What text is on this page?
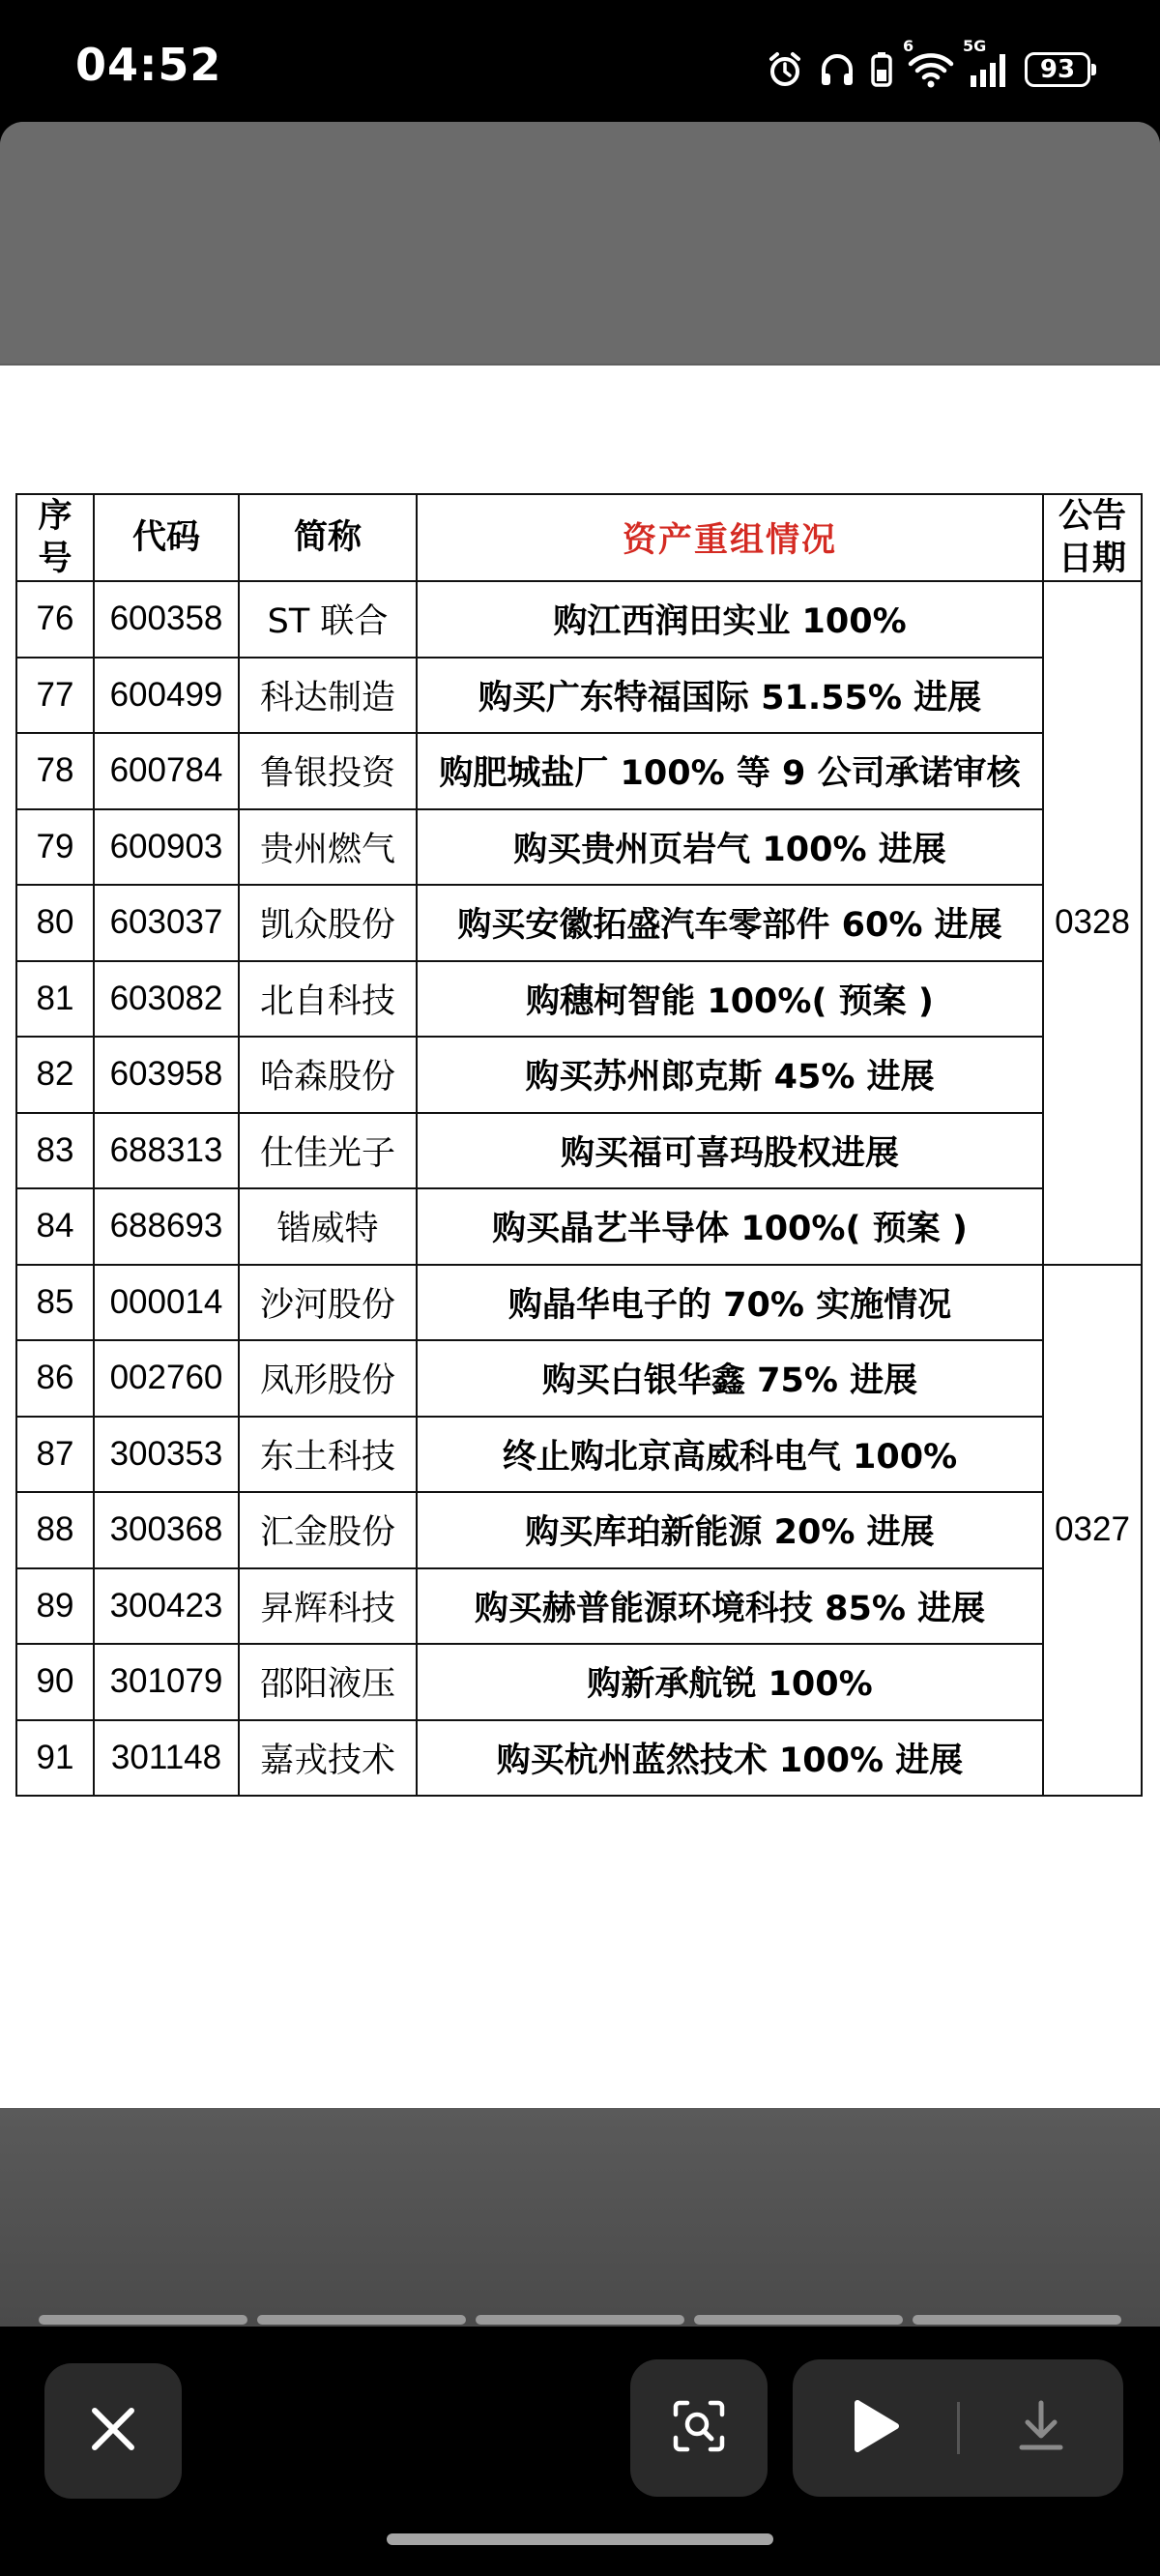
04:52	6	5G
93
序号	代码	简称	资产重组情况	公告日期
76	600358	ST 联合	购江西润田实业 100%	0328
77	600499	科达制造	购买广东特福国际 51.55% 进展	
78	600784	鲁银投资	购肥城盐厂 100% 等 9 公司承诺审核	
79	600903	贵州燃气	购买贵州页岩气 100% 进展	
80	603037	凯众股份	购买安徽拓盛汽车零部件 60% 进展	
81	603082	北自科技	购穗柯智能 100%( 预案 )	
82	603958	哈森股份	购买苏州郎克斯 45% 进展	
83	688313	仕佳光子	购买福可喜玛股权进展	
84	688693	锴威特	购买晶艺半导体 100%( 预案 )	
85	000014	沙河股份	购晶华电子的 70% 实施情况	0327
86	002760	凤形股份	购买白银华鑫 75% 进展	
87	300353	东土科技	终止购北京高威科电气 100%	
88	300368	汇金股份	购买库珀新能源 20% 进展	
89	300423	昇辉科技	购买赫普能源环境科技 85% 进展	
90	301079	邵阳液压	购新承航锐 100%	
91	301148	嘉戎技术	购买杭州蓝然技术 100% 进展	
